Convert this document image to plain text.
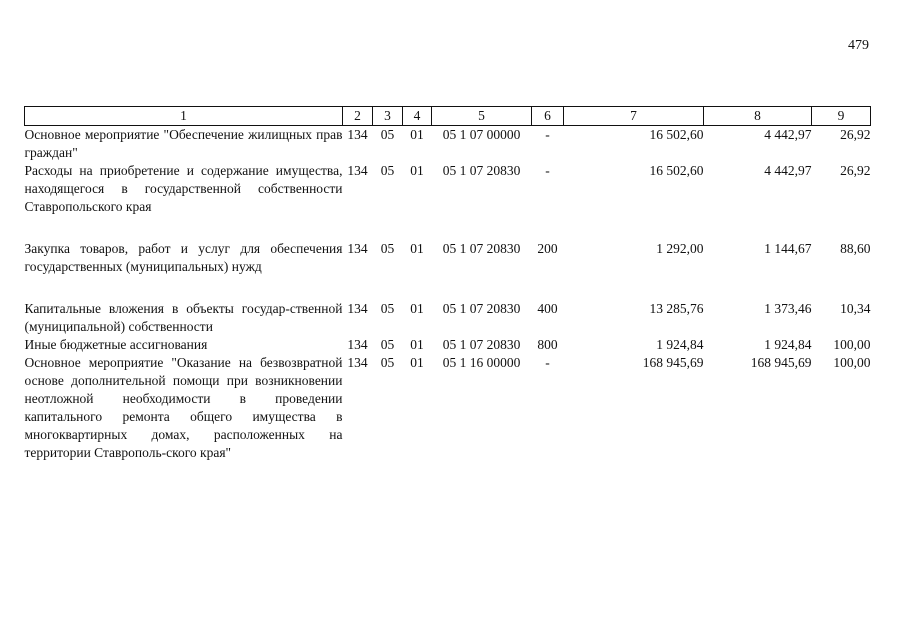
479
1	2	3	4	5	6	7	8	9
Основное мероприятие "Обеспечение жилищных прав граждан"	134	05	01	05 1 07 00000	-	16 502,60	4 442,97	26,92
Расходы на приобретение и содержание имущества, находящегося в государственной собственности Ставропольского края	134	05	01	05 1 07 20830	-	16 502,60	4 442,97	26,92

Закупка товаров, работ и услуг для обеспечения государственных (муниципальных) нужд	134	05	01	05 1 07 20830	200	1 292,00	1 144,67	88,60

Капитальные вложения в объекты государ-ственной (муниципальной) собственности	134	05	01	05 1 07 20830	400	13 285,76	1 373,46	10,34
Иные бюджетные ассигнования	134	05	01	05 1 07 20830	800	1 924,84	1 924,84	100,00
Основное мероприятие "Оказание на безвозвратной основе дополнительной помощи при возникновении неотложной необходимости в проведении капитального ремонта общего имущества в многоквартирных домах, расположенных на территории Ставрополь-ского края"	134	05	01	05 1 16 00000	-	168 945,69	168 945,69	100,00
